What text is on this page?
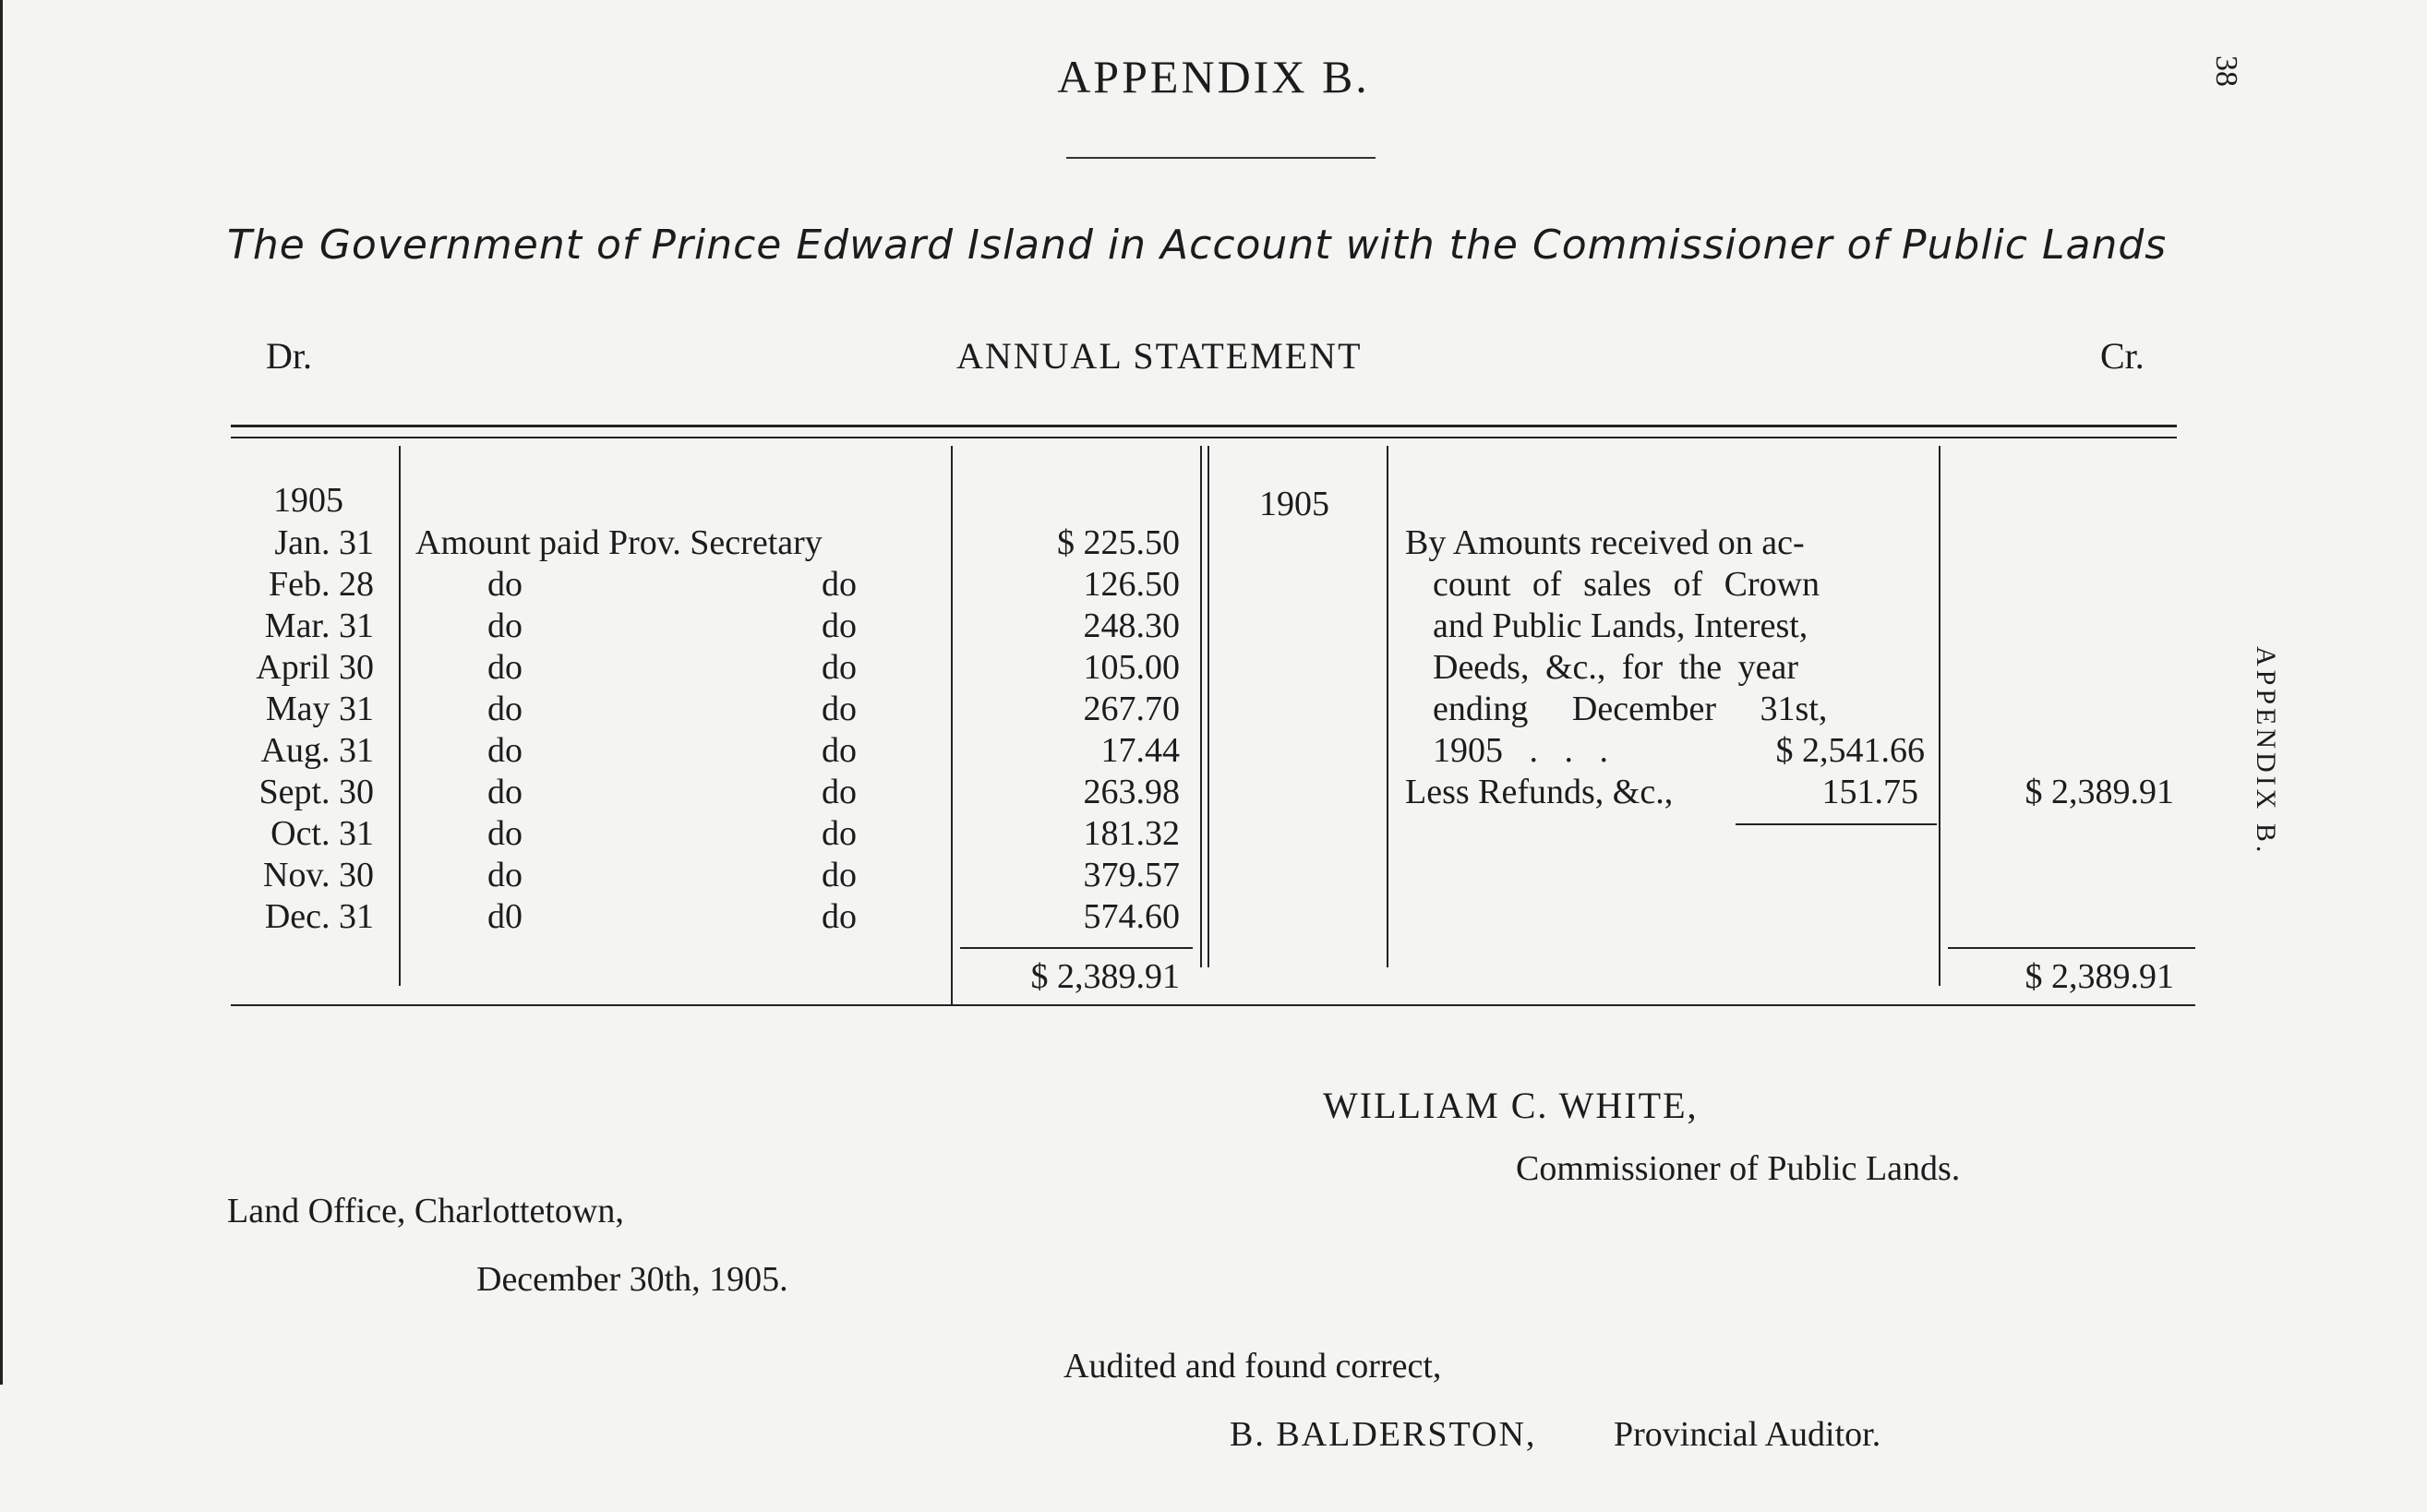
APPENDIX B.
The Government of Prince Edward Island in Account with the Commissioner of Public Lands
Dr.	ANNUAL STATEMENT	Cr.
38
APPENDIX B.
1905
Jan. 31 Amount paid Prov. Secretary	$ 225.50
Feb. 28	do	do	126.50
Mar. 31	do	do	248.30
April 30	do	do	105.00
May 31	do	do	267.70
Aug. 31	do	do	17.44
Sept. 30	do	do	263.98
Oct. 31	do	do	181.32
Nov. 30	do	do	379.57
Dec. 31	d0	do	574.60
$ 2,389.91
1905
By Amounts received on ac-
count of sales of Crown
and Public Lands, Interest,
Deeds, &c., for the year
ending December 31st,
1905   .   .   .	$ 2,541.66
Less Refunds, &c.,	151.75	$ 2,389.91
$ 2,389.91
WILLIAM C. WHITE,
Commissioner of Public Lands.
Land Office, Charlottetown,
December 30th, 1905.
Audited and found correct,
B. BALDERSTON, Provincial Auditor.
